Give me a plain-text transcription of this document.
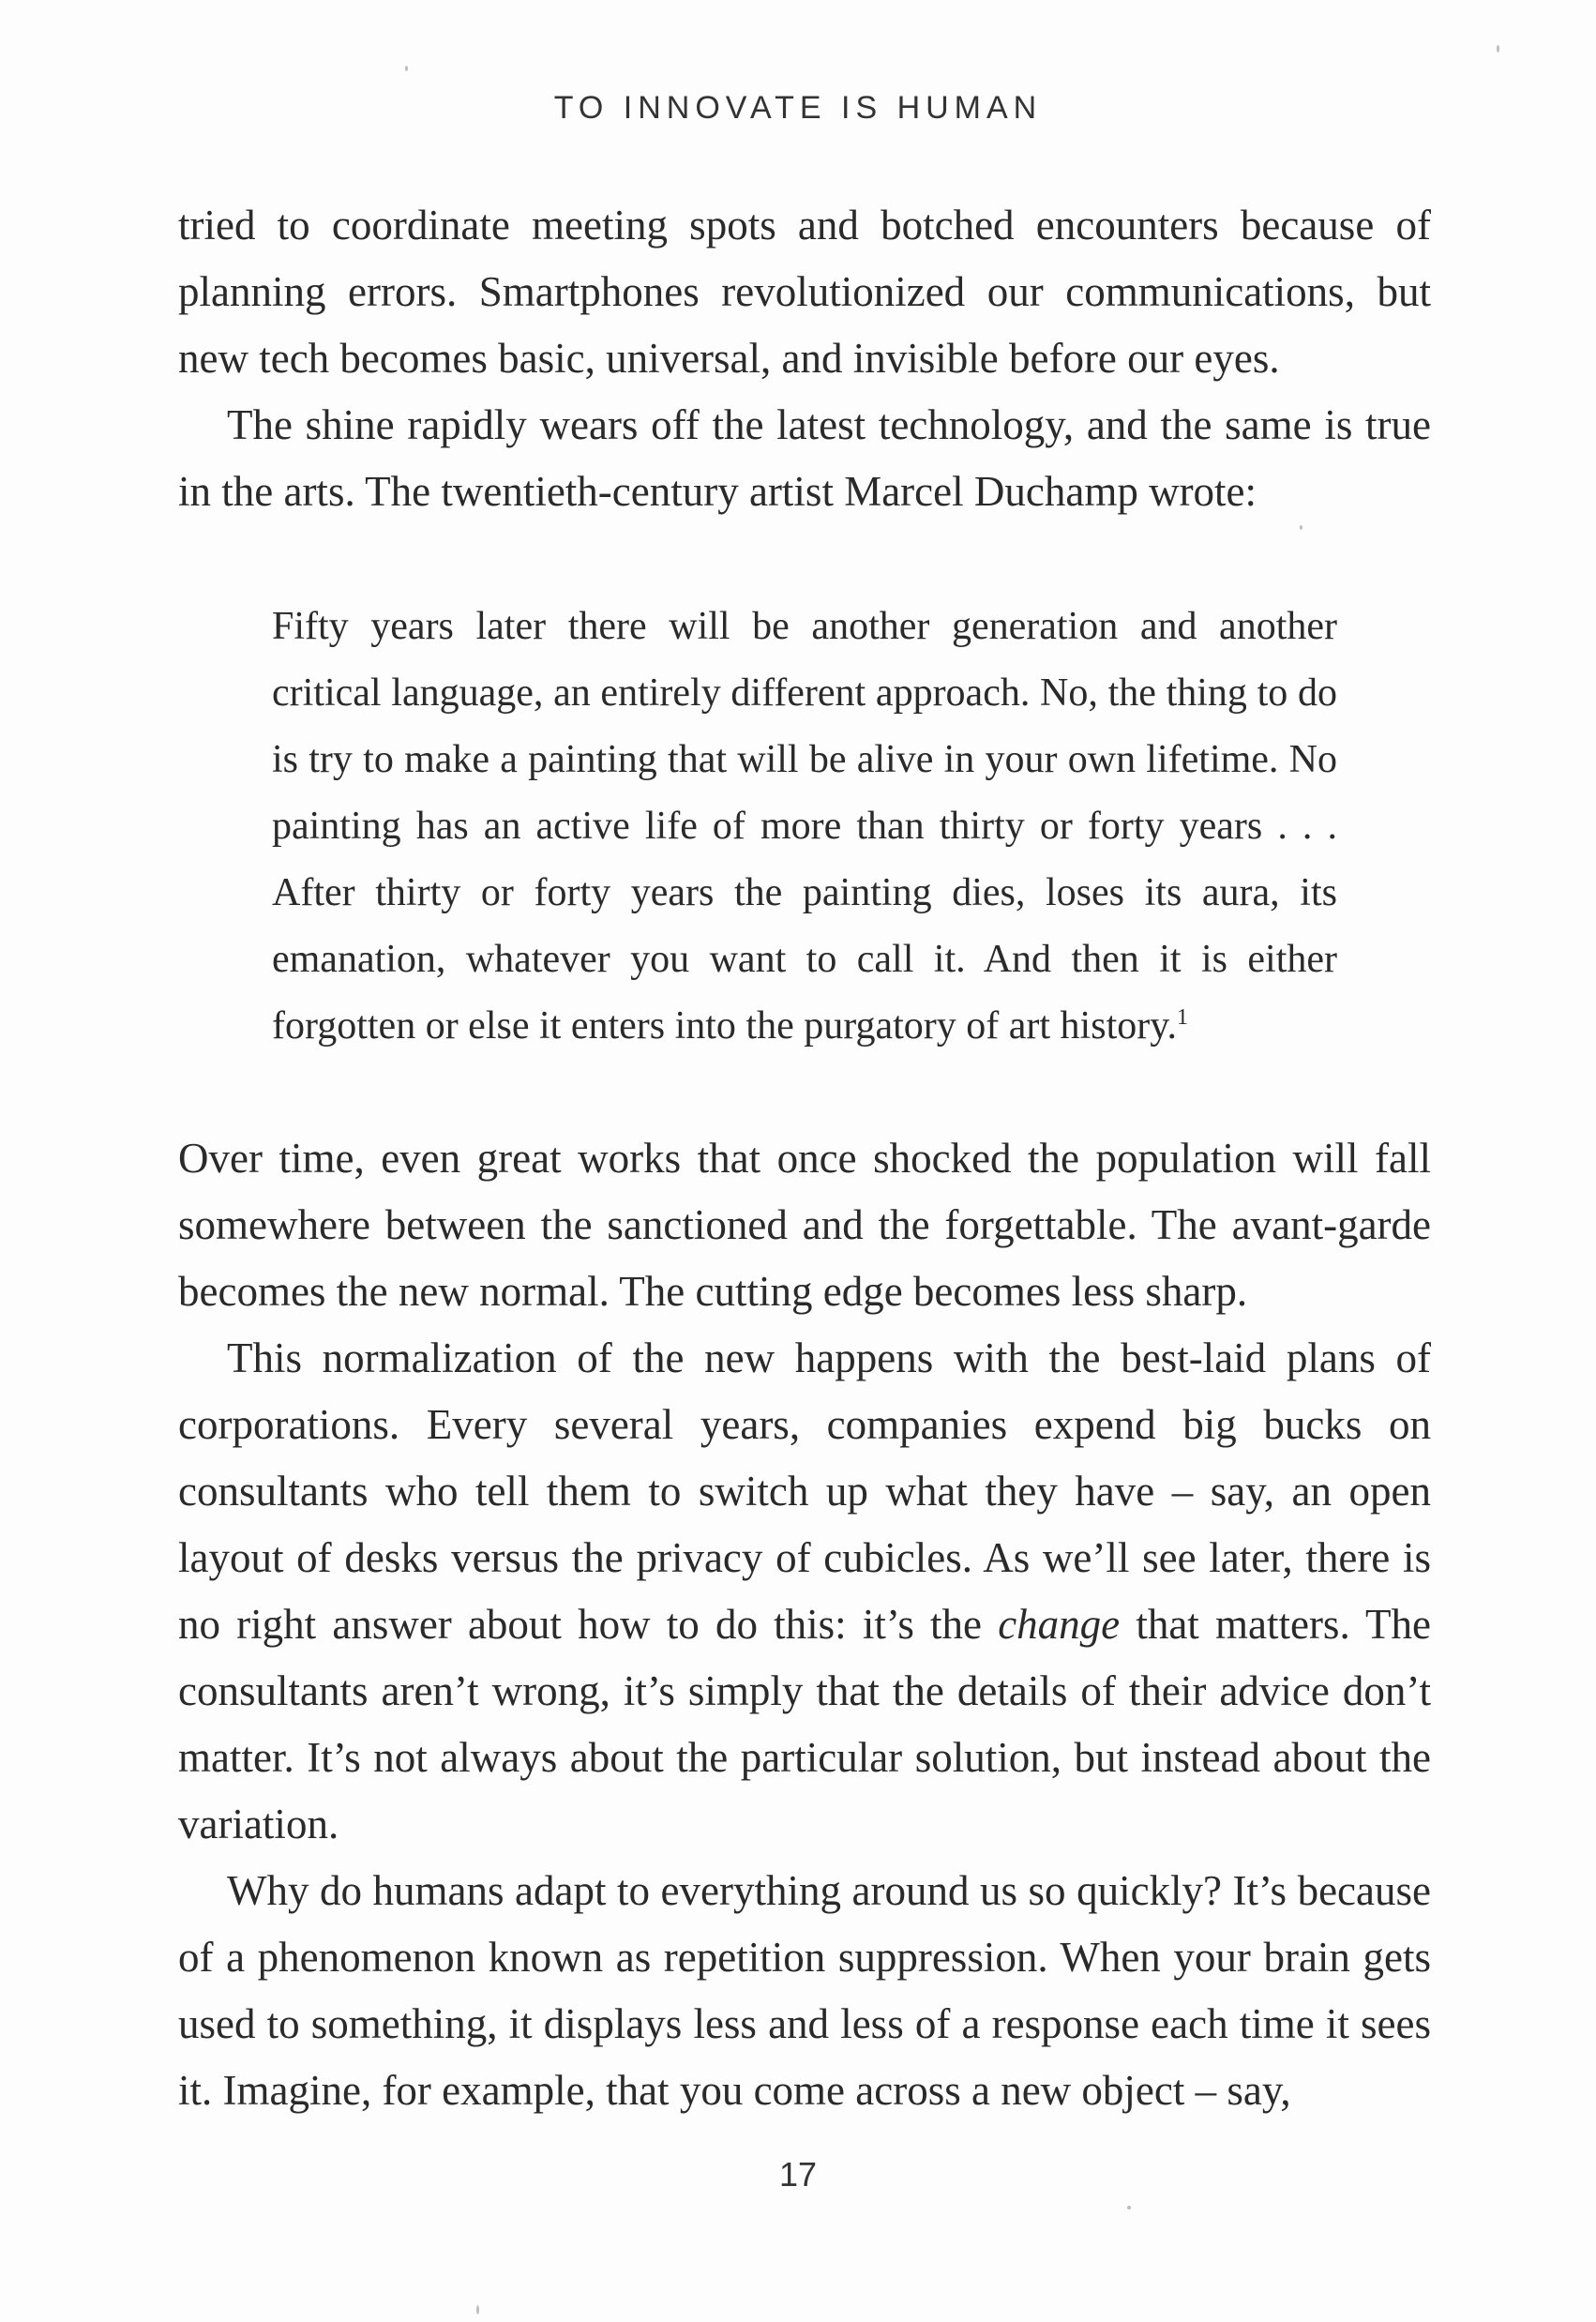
TO INNOVATE IS HUMAN

tried to coordinate meeting spots and botched encounters because of planning errors. Smartphones revolutionized our communications, but new tech becomes basic, universal, and invisible before our eyes.

The shine rapidly wears off the latest technology, and the same is true in the arts. The twentieth-century artist Marcel Duchamp wrote:

Fifty years later there will be another generation and another critical language, an entirely different approach. No, the thing to do is try to make a painting that will be alive in your own lifetime. No painting has an active life of more than thirty or forty years . . . After thirty or forty years the painting dies, loses its aura, its emanation, whatever you want to call it. And then it is either forgotten or else it enters into the purgatory of art history.$^1$

Over time, even great works that once shocked the population will fall somewhere between the sanctioned and the forgettable. The avant-garde becomes the new normal. The cutting edge becomes less sharp.

This normalization of the new happens with the best-laid plans of corporations. Every several years, companies expend big bucks on consultants who tell them to switch up what they have – say, an open layout of desks versus the privacy of cubicles. As we’ll see later, there is no right answer about how to do this: it’s the change that matters. The consultants aren’t wrong, it’s simply that the details of their advice don’t matter. It’s not always about the particular solution, but instead about the variation.

Why do humans adapt to everything around us so quickly? It’s because of a phenomenon known as repetition suppression. When your brain gets used to something, it displays less and less of a response each time it sees it. Imagine, for example, that you come across a new object – say,

17
